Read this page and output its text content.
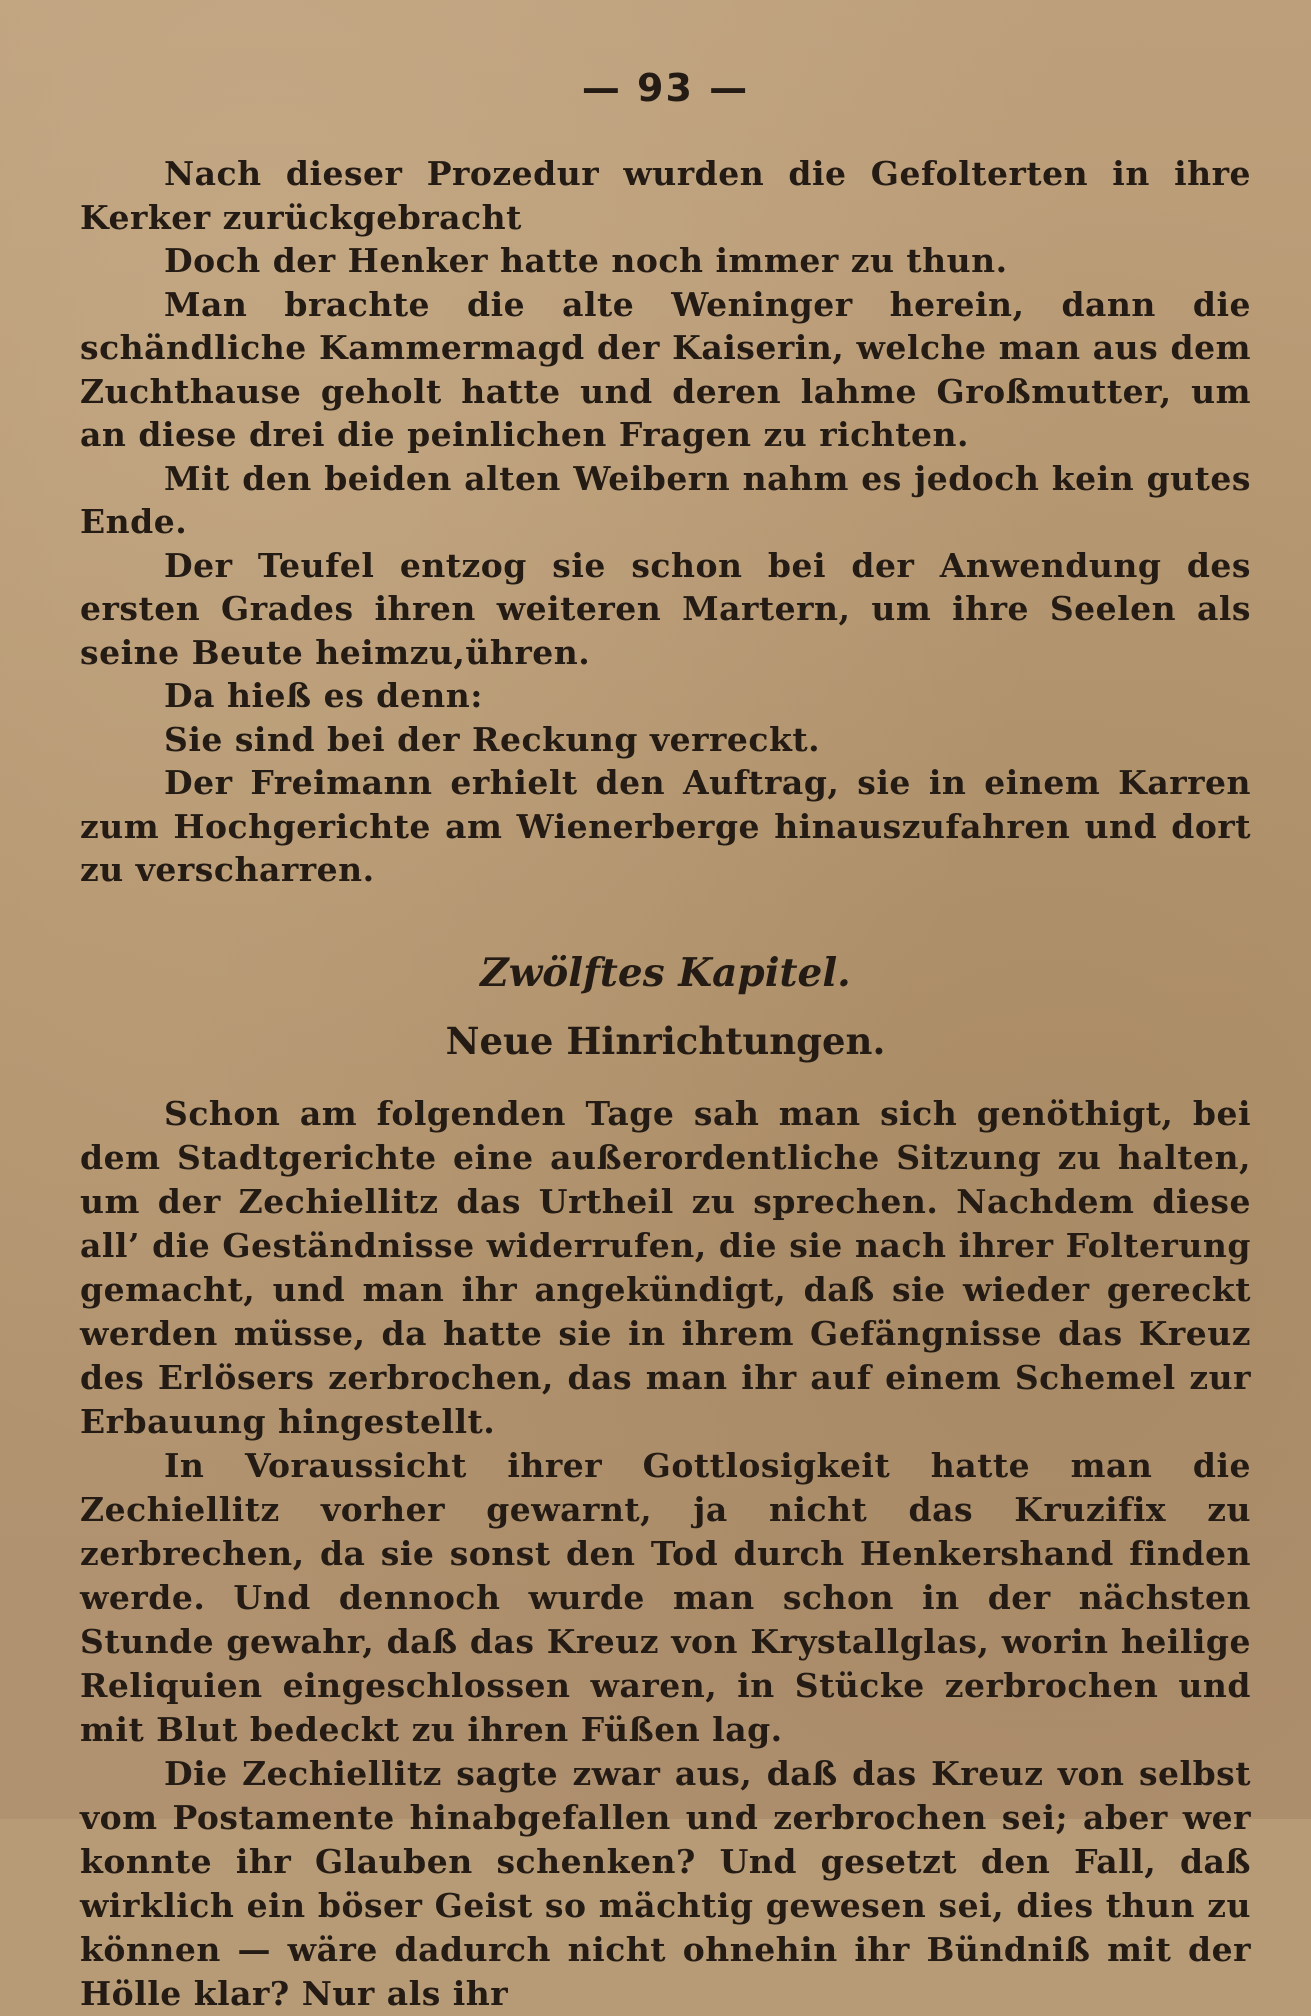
— 93 —

Nach dieser Prozedur wurden die Gefolterten in ihre Kerker zurückgebracht

Doch der Henker hatte noch immer zu thun.

Man brachte die alte Weninger herein, dann die schändliche Kammermagd der Kaiserin, welche man aus dem Zuchthause geholt hatte und deren lahme Großmutter, um an diese drei die peinlichen Fragen zu richten.

Mit den beiden alten Weibern nahm es jedoch kein gutes Ende.

Der Teufel entzog sie schon bei der Anwendung des ersten Grades ihren weiteren Martern, um ihre Seelen als seine Beute heimzu,ühren.

Da hieß es denn:

Sie sind bei der Reckung verreckt.

Der Freimann erhielt den Auftrag, sie in einem Karren zum Hochgerichte am Wienerberge hinauszufahren und dort zu verscharren.

Zwölftes Kapitel.
Neue Hinrichtungen.

Schon am folgenden Tage sah man sich genöthigt, bei dem Stadtgerichte eine außerordentliche Sitzung zu halten, um der Zechiellitz das Urtheil zu sprechen. Nachdem diese all’ die Geständnisse widerrufen, die sie nach ihrer Folterung gemacht, und man ihr angekündigt, daß sie wieder gereckt werden müsse, da hatte sie in ihrem Gefängnisse das Kreuz des Erlösers zerbrochen, das man ihr auf einem Schemel zur Erbauung hingestellt.

In Voraussicht ihrer Gottlosigkeit hatte man die Zechiellitz vorher gewarnt, ja nicht das Kruzifix zu zerbrechen, da sie sonst den Tod durch Henkershand finden werde. Und dennoch wurde man schon in der nächsten Stunde gewahr, daß das Kreuz von Krystallglas, worin heilige Reliquien eingeschlossen waren, in Stücke zerbrochen und mit Blut bedeckt zu ihren Füßen lag.

Die Zechiellitz sagte zwar aus, daß das Kreuz von selbst vom Postamente hinabgefallen und zerbrochen sei; aber wer konnte ihr Glauben schenken? Und gesetzt den Fall, daß wirklich ein böser Geist so mächtig gewesen sei, dies thun zu können — wäre dadurch nicht ohnehin ihr Bündniß mit der Hölle klar? Nur als ihr
